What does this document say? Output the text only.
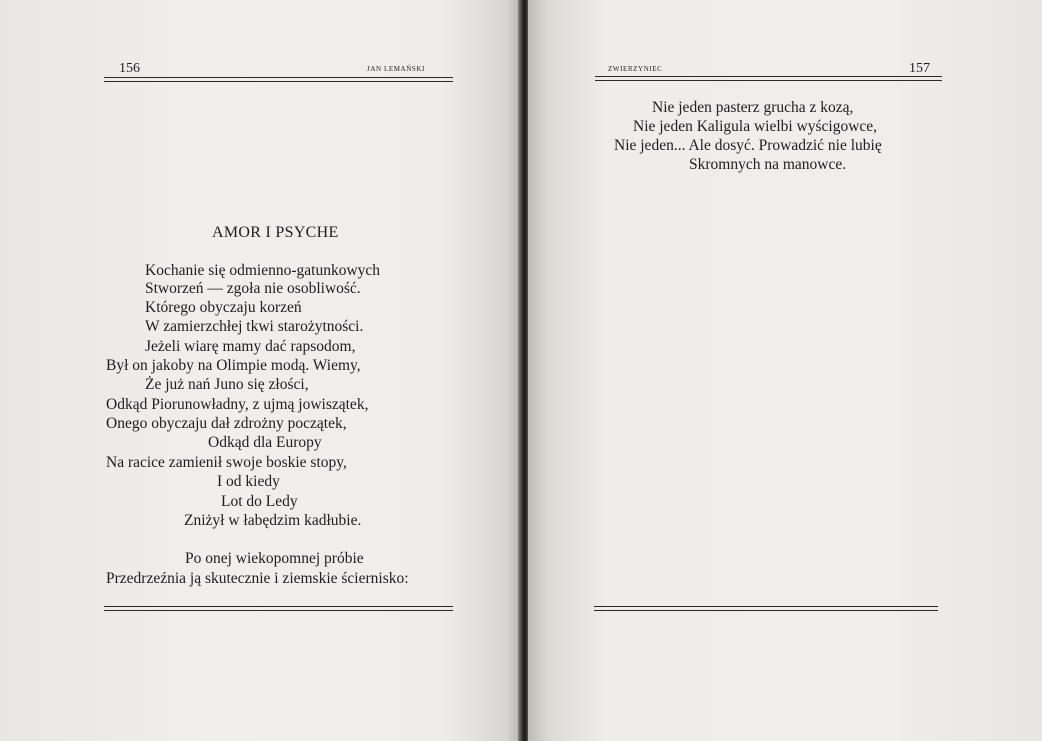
156	JAN LEMAŃSKI
AMOR I PSYCHE
Kochanie się odmienno-gatunkowych
Stworzeń — zgoła nie osobliwość.
Którego obyczaju korzeń
W zamierzchłej tkwi starożytności.
Jeżeli wiarę mamy dać rapsodom,
Był on jakoby na Olimpie modą. Wiemy,
Że już nań Juno się złości,
Odkąd Piorunowładny, z ujmą jowiszątek,
Onego obyczaju dał zdrożny początek,
Odkąd dla Europy
Na racice zamienił swoje boskie stopy,
I od kiedy
Lot do Ledy
Zniżył w łabędzim kadłubie.
Po onej wiekopomnej próbie
Przedrzeźnia ją skutecznie i ziemskie ściernisko:
ZWIERZYNIEC	157
Nie jeden pasterz grucha z kozą,
Nie jeden Kaligula wielbi wyścigowce,
Nie jeden... Ale dosyć. Prowadzić nie lubię
Skromnych na manowce.
